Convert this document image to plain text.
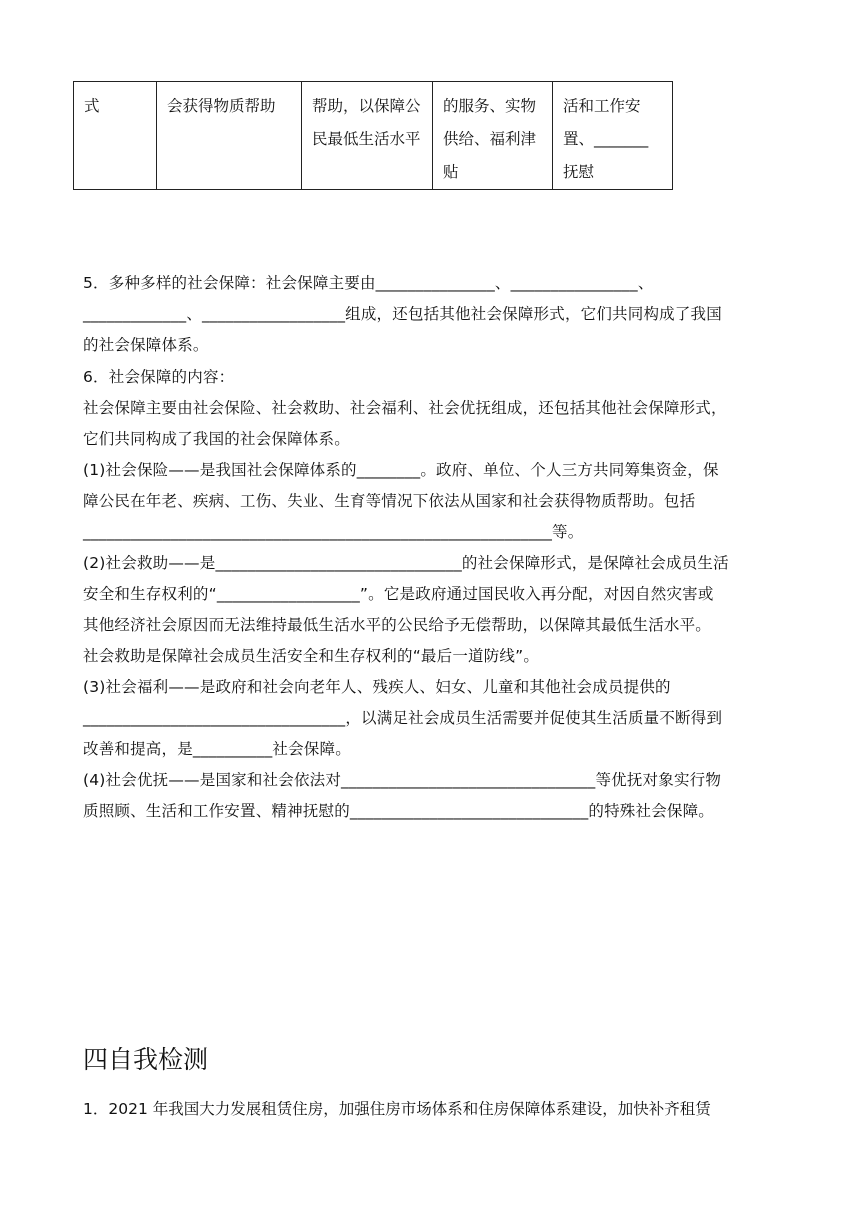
式	会获得物质帮助	帮助，以保障公民最低生活水平	的服务、实物供给、福利津贴	活和工作安置、_______抚慰

5．多种多样的社会保障：社会保障主要由_______________、________________、

_____________、__________________组成，还包括其他社会保障形式，它们共同构成了我国

的社会保障体系。

6．社会保障的内容：

社会保障主要由社会保险、社会救助、社会福利、社会优抚组成，还包括其他社会保障形式，

它们共同构成了我国的社会保障体系。

(1)社会保险——是我国社会保障体系的________。政府、单位、个人三方共同筹集资金，保

障公民在年老、疾病、工伤、失业、生育等情况下依法从国家和社会获得物质帮助。包括

___________________________________________________________等。

(2)社会救助——是_______________________________的社会保障形式，是保障社会成员生活

安全和生存权利的“__________________”。它是政府通过国民收入再分配，对因自然灾害或

其他经济社会原因而无法维持最低生活水平的公民给予无偿帮助，以保障其最低生活水平。

社会救助是保障社会成员生活安全和生存权利的“最后一道防线”。

(3)社会福利——是政府和社会向老年人、残疾人、妇女、儿童和其他社会成员提供的

_________________________________，以满足社会成员生活需要并促使其生活质量不断得到

改善和提高，是__________社会保障。

(4)社会优抚——是国家和社会依法对________________________________等优抚对象实行物

质照顾、生活和工作安置、精神抚慰的______________________________的特殊社会保障。

四自我检测

1．2021 年我国大力发展租赁住房，加强住房市场体系和住房保障体系建设，加快补齐租赁
